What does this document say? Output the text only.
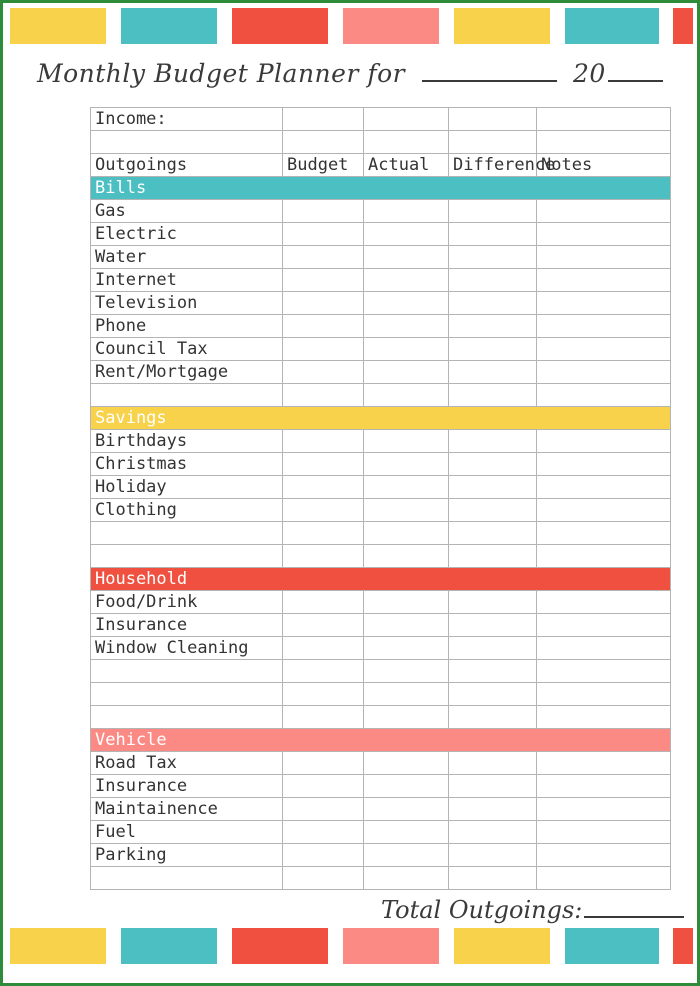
Monthly Budget Planner for	20
Income:				

Outgoings	Budget	Actual	Difference	Notes
Bills				
Gas				
Electric				
Water				
Internet				
Television				
Phone				
Council Tax				
Rent/Mortgage				

Savings				
Birthdays				
Christmas				
Holiday				
Clothing				

Household				
Food/Drink				
Insurance				
Window Cleaning				

Vehicle				
Road Tax				
Insurance				
Maintainence				
Fuel				
Parking				

Total Outgoings:
